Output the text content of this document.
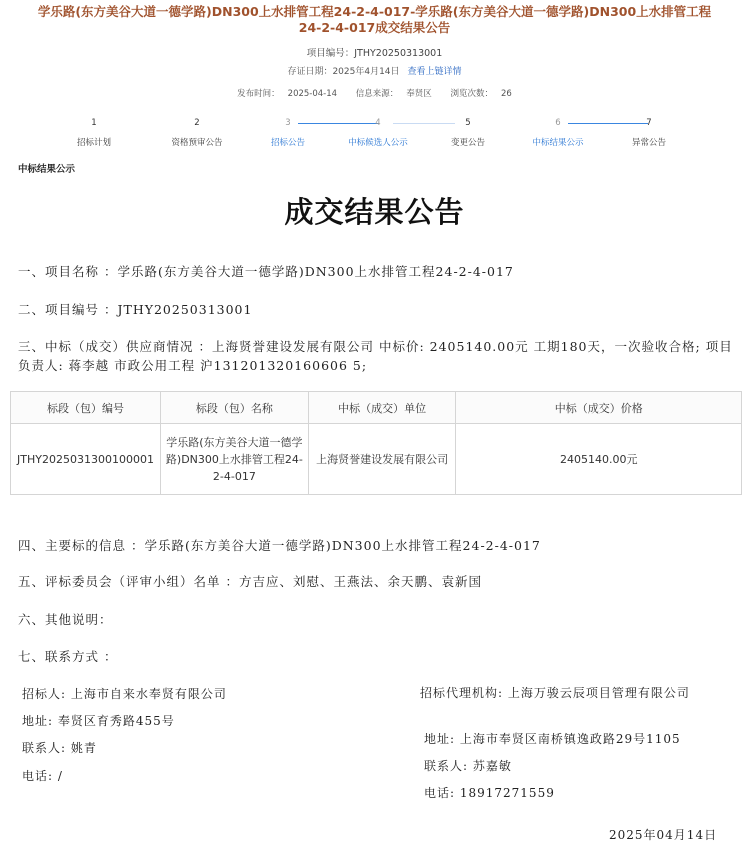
学乐路(东方美谷大道一德学路)DN300上水排管工程24-2-4-017-学乐路(东方美谷大道一德学路)DN300上水排管工程24-2-4-017成交结果公告
项目编号：JTHY20250313001
存证日期：2025年4月14日 查看上链详情
发布时间： 2025-04-14 信息来源： 奉贤区 浏览次数： 26
1
招标计划
2
资格预审公告
3
招标公告
4
中标候选人公示
5
变更公告
6
中标结果公示
7
异常公告
中标结果公示
成交结果公告
一、项目名称 ：学乐路(东方美谷大道一德学路)DN300上水排管工程24-2-4-017
二、项目编号 ：JTHY20250313001
三、中标（成交）供应商情况 ：上海贤誉建设发展有限公司 中标价: 2405140.00元 工期180天，一次验收合格; 项目负责人: 蒋李越 市政公用工程 沪131201320160606 5;
标段（包）编号	标段（包）名称	中标（成交）单位	中标（成交）价格
JTHY2025031300100001	学乐路(东方美谷大道一德学路)DN300上水排管工程24-2-4-017	上海贤誉建设发展有限公司	2405140.00元
四、主要标的信息 ：学乐路(东方美谷大道一德学路)DN300上水排管工程24-2-4-017
五、评标委员会（评审小组）名单 ：方吉应、刘慰、王燕法、余天鹏、袁新国
六、其他说明：
七、联系方式 ：
招标人: 上海市自来水奉贤有限公司
地址: 奉贤区育秀路455号
联系人: 姚青
电话: /
招标代理机构: 上海万骏云辰项目管理有限公司
地址: 上海市奉贤区南桥镇逸政路29号1105
联系人: 苏嘉敏
电话: 18917271559
2025年04月14日
